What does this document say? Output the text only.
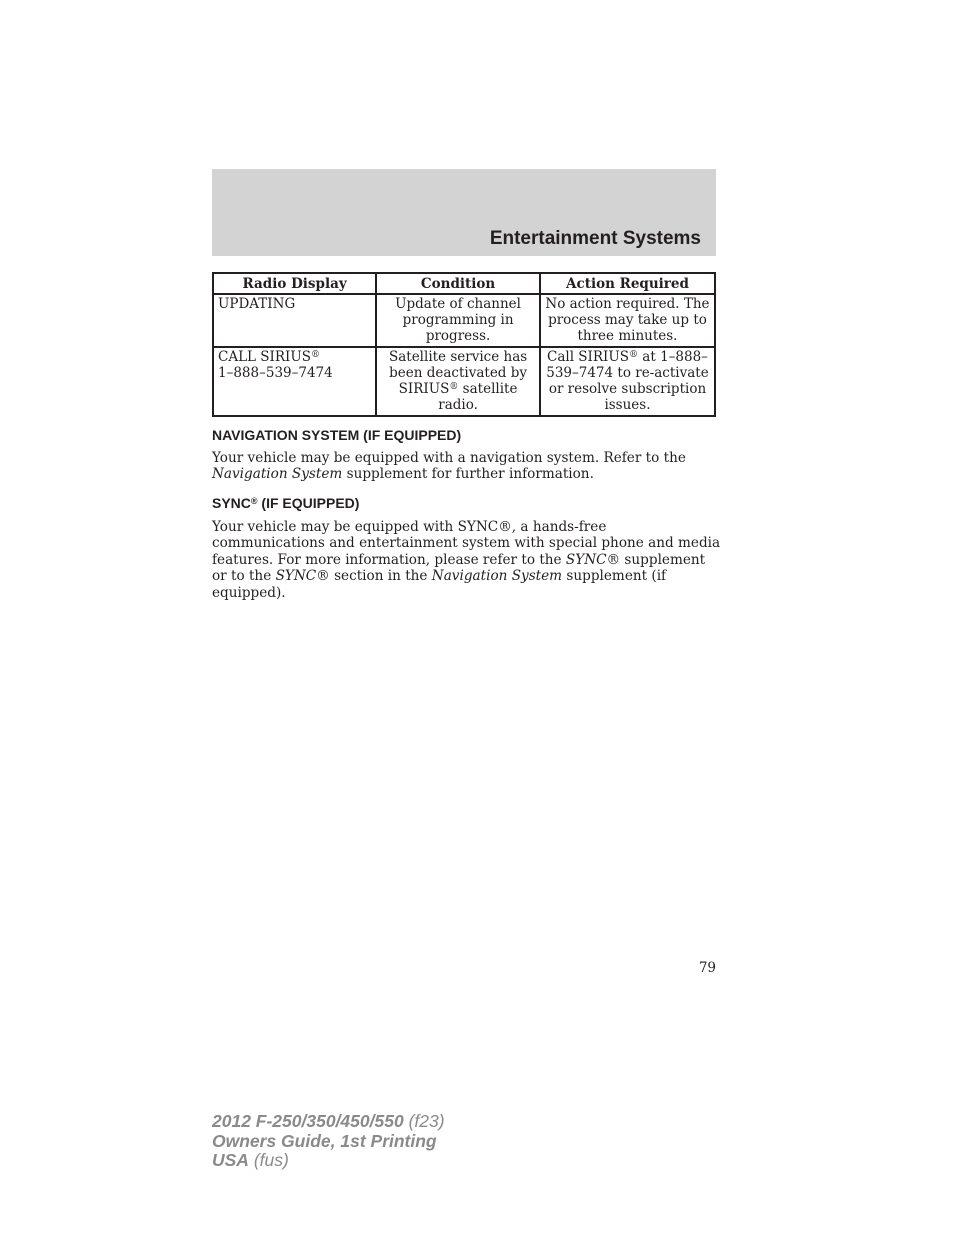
Entertainment Systems
Radio Display	Condition	Action Required
UPDATING	Update of channel programming in progress.	No action required. The process may take up to three minutes.
CALL SIRIUS®
1–888–539–7474	Satellite service has been deactivated by SIRIUS® satellite radio.	Call SIRIUS® at 1–888–539–7474 to re-activate or resolve subscription issues.
NAVIGATION SYSTEM (IF EQUIPPED)
Your vehicle may be equipped with a navigation system. Refer to the Navigation System supplement for further information.
SYNC® (IF EQUIPPED)
Your vehicle may be equipped with SYNC®, a hands-free communications and entertainment system with special phone and media features. For more information, please refer to the SYNC® supplement or to the SYNC® section in the Navigation System supplement (if equipped).
79
2012 F-250/350/450/550 (f23)
Owners Guide, 1st Printing
USA (fus)
